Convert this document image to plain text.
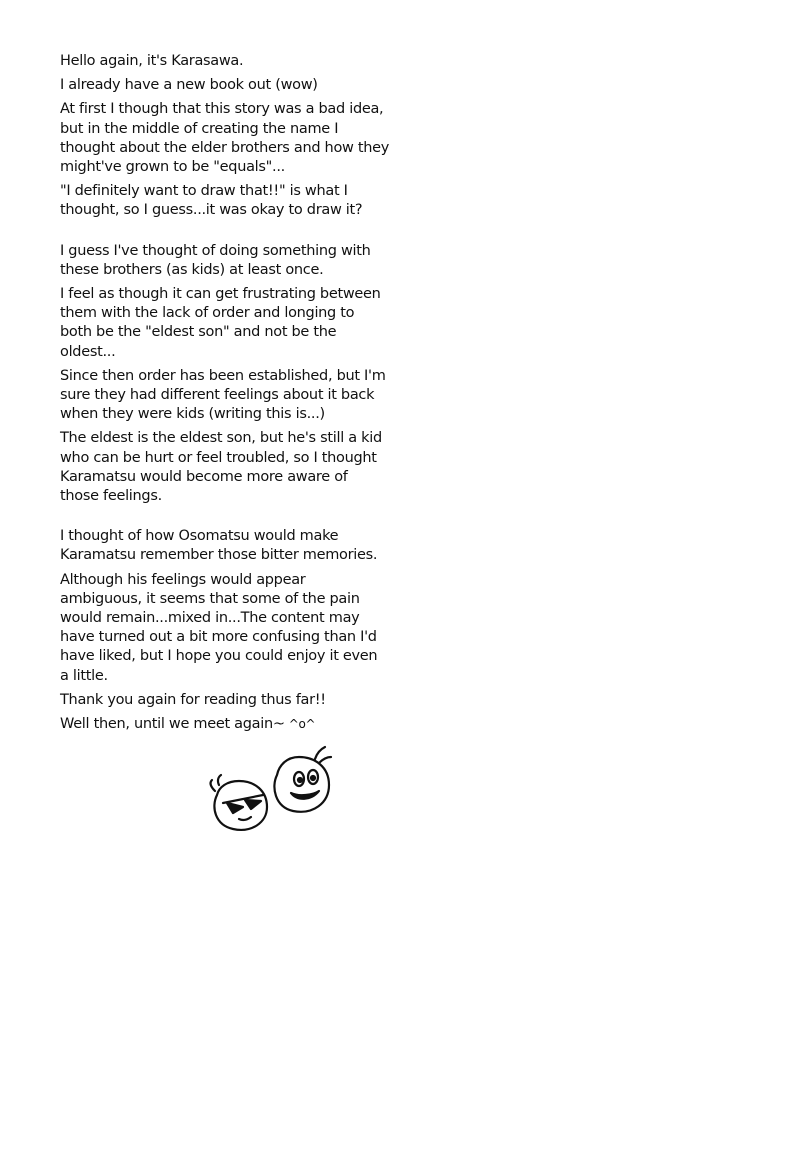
Hello again, it's Karasawa.

I already have a new book out (wow)

At first I though that this story was a bad idea, but in the middle of creating the name I thought about the elder brothers and how they might've grown to be "equals"...

"I definitely want to draw that!!" is what I thought, so I guess...it was okay to draw it?

I guess I've thought of doing something with these brothers (as kids) at least once.

I feel as though it can get frustrating between them with the lack of order and longing to both be the "eldest son" and not be the oldest...

Since then order has been established, but I'm sure they had different feelings about it back when they were kids (writing this is...)

The eldest is the eldest son, but he's still a kid who can be hurt or feel troubled, so I thought Karamatsu would become more aware of those feelings.

I thought of how Osomatsu would make Karamatsu remember those bitter memories.

Although his feelings would appear ambiguous, it seems that some of the pain would remain...mixed in...The content may have turned out a bit more confusing than I'd have liked, but I hope you could enjoy it even a little.

Thank you again for reading thus far!!

Well then, until we meet again~ ^o^
